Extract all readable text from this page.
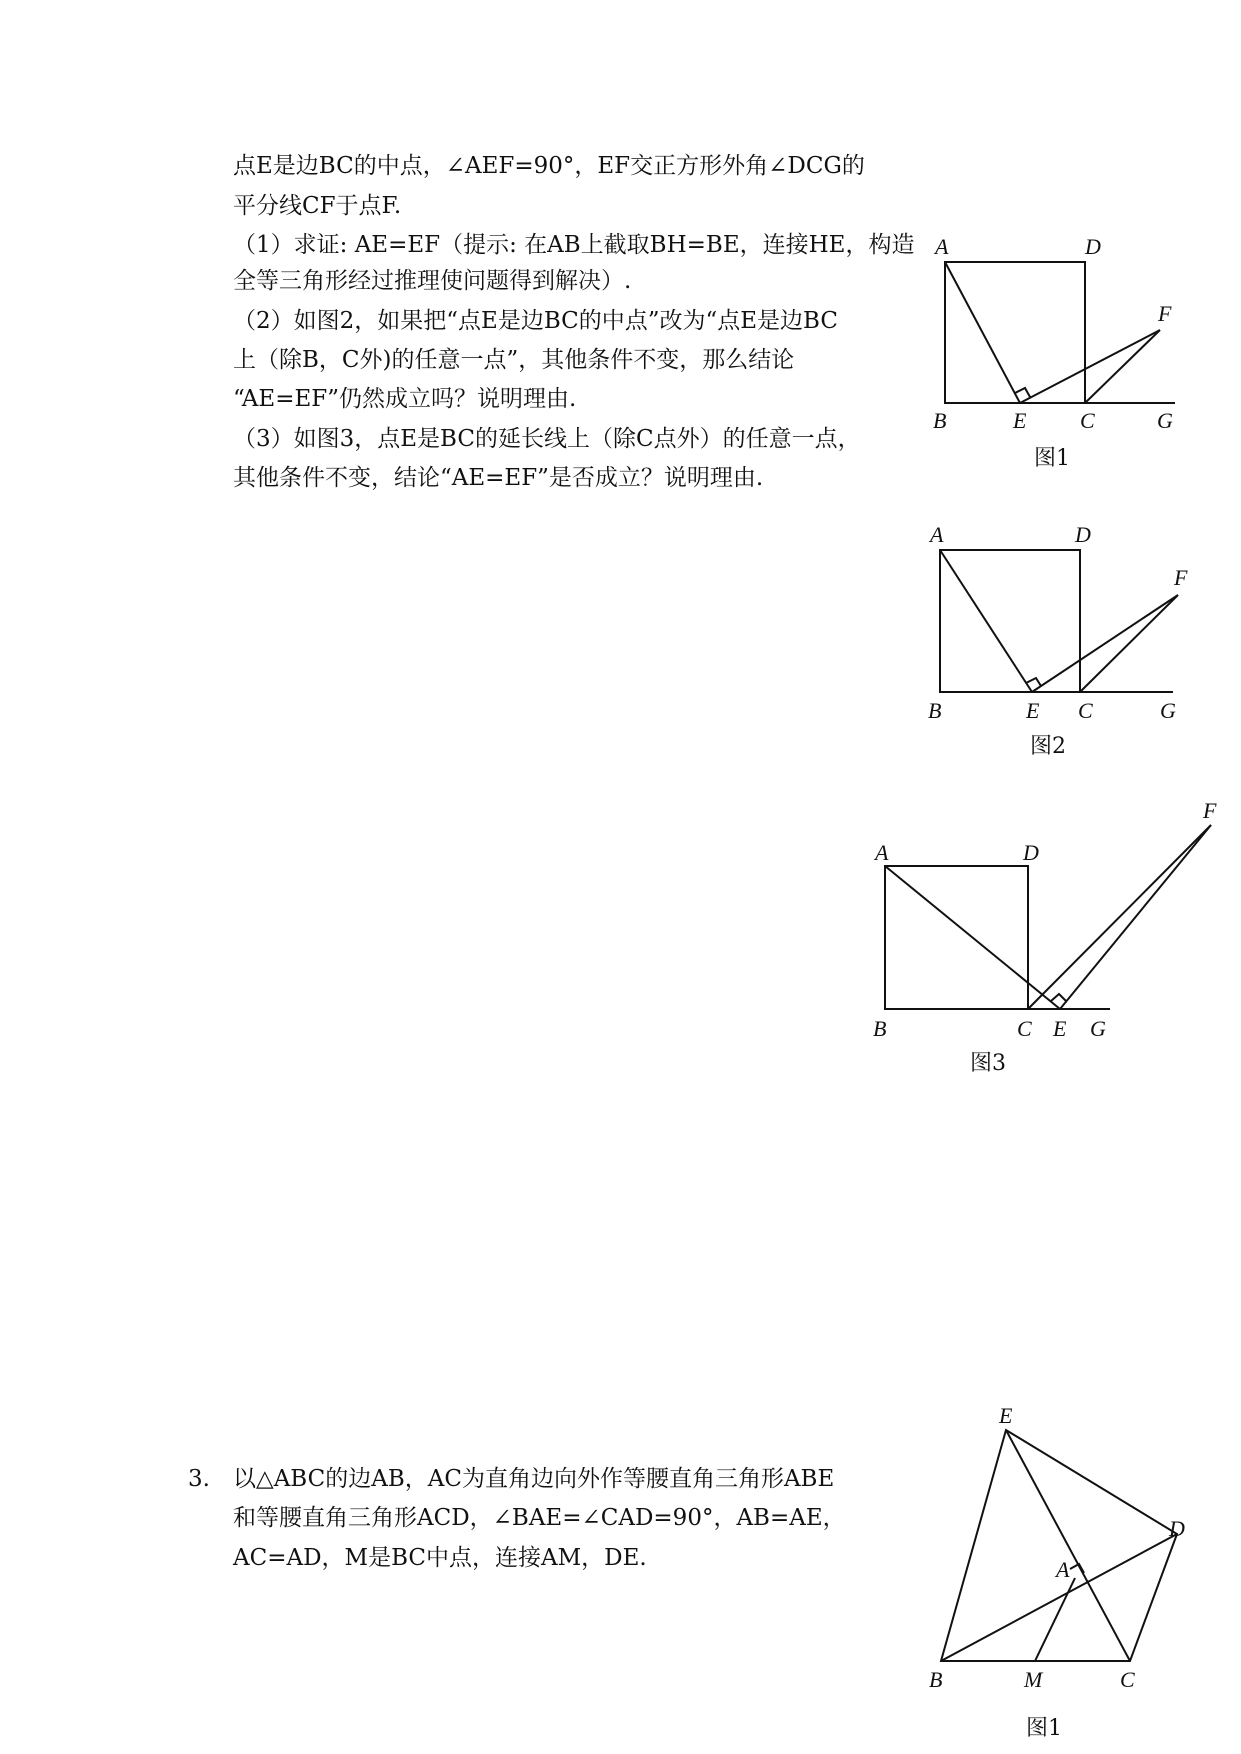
点E是边BC的中点，∠AEF=90°，EF交正方形外角∠DCG的
平分线CF于点F.
（1）求证: AE=EF（提示: 在AB上截取BH=BE，连接HE，构造
全等三角形经过推理使问题得到解决）.
（2）如图2，如果把“点E是边BC的中点”改为“点E是边BC
上（除B，C外)的任意一点”，其他条件不变，那么结论
“AE=EF”仍然成立吗？说明理由.
（3）如图3，点E是BC的延长线上（除C点外）的任意一点，
其他条件不变，结论“AE=EF”是否成立？说明理由.
A	D
F
B	E C	G
图1
A	D
F
B	E C	G
图2
A	D
F
B	C E G
图3
3. 以△ABC的边AB，AC为直角边向外作等腰直角三角形ABE
和等腰直角三角形ACD，∠BAE=∠CAD=90°，AB=AE，
AC=AD，M是BC中点，连接AM，DE.
E
D
A
B	M	C
图1
